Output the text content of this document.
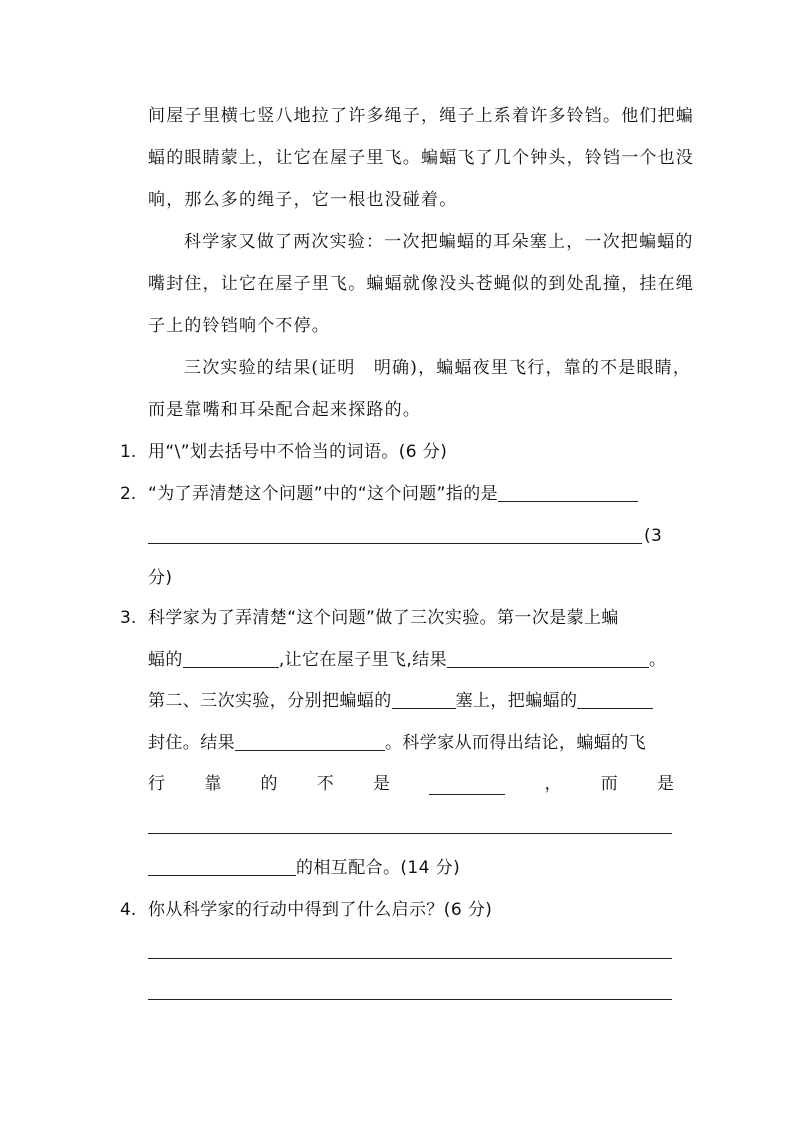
间屋子里横七竖八地拉了许多绳子，绳子上系着许多铃铛。他们把蝙
蝠的眼睛蒙上，让它在屋子里飞。蝙蝠飞了几个钟头，铃铛一个也没
响，那么多的绳子，它一根也没碰着。
科学家又做了两次实验：一次把蝙蝠的耳朵塞上，一次把蝙蝠的
嘴封住，让它在屋子里飞。蝙蝠就像没头苍蝇似的到处乱撞，挂在绳
子上的铃铛响个不停。
三次实验的结果(证明　明确)，蝙蝠夜里飞行，靠的不是眼睛，
而是靠嘴和耳朵配合起来探路的。
1. 用“\”划去括号中不恰当的词语。(6 分)
2. “为了弄清楚这个问题”中的“这个问题”指的是
(3
分)
3. 科学家为了弄清楚“这个问题”做了三次实验。第一次是蒙上蝙
蝠的	,让它在屋子里飞,结果	。
第二、三次实验，分别把蝙蝠的	塞上，把蝙蝠的
封住。结果	。科学家从而得出结论，蝙蝠的飞
行 靠 的 不 是	， 而 是
的相互配合。(14 分)
4. 你从科学家的行动中得到了什么启示？(6 分)
